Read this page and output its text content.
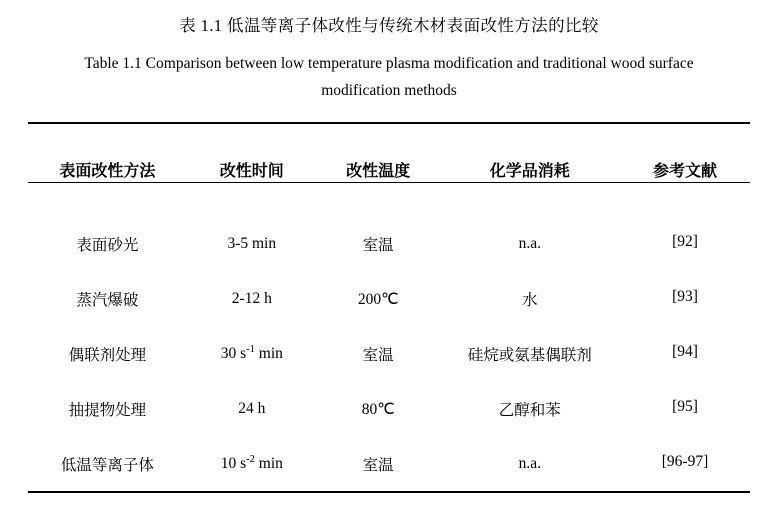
表 1.1 低温等离子体改性与传统木材表面改性方法的比较
Table 1.1 Comparison between low temperature plasma modification and traditional wood surface
modification methods

表面改性方法	改性时间	改性温度	化学品消耗	参考文献

表面砂光	3-5 min	室温	n.a.	[92]
蒸汽爆破	2-12 h	200℃	水	[93]
偶联剂处理	30 $s^{-1}$ min	室温	硅烷或氨基偶联剂	[94]
抽提物处理	24 h	80℃	乙醇和苯	[95]
低温等离子体	10 $s^{-2}$ min	室温	n.a.	[96-97]
